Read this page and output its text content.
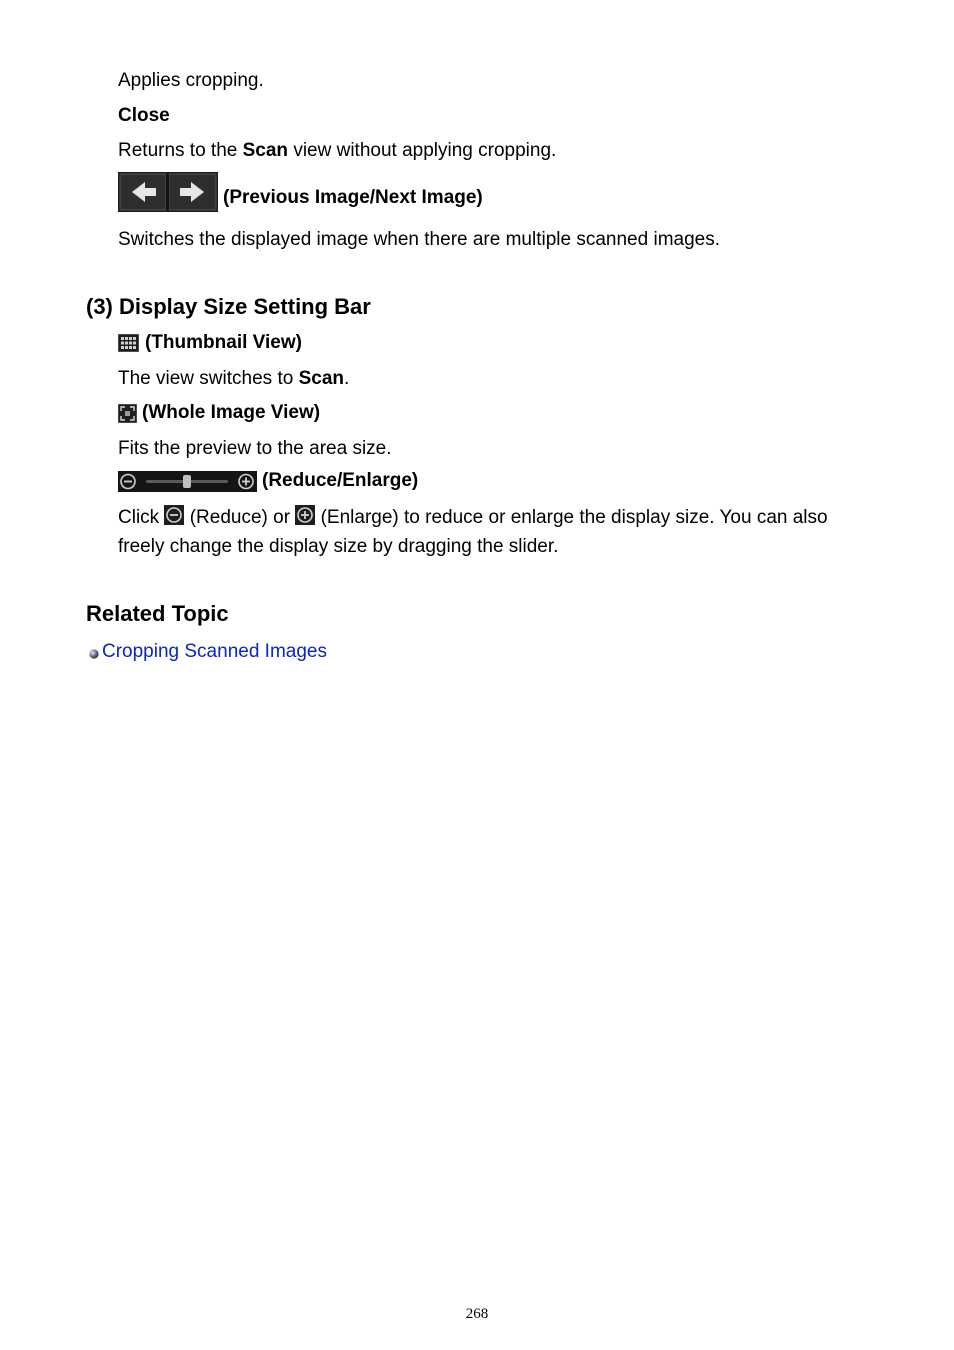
Applies cropping.
Close
Returns to the Scan view without applying cropping.
(Previous Image/Next Image)
Switches the displayed image when there are multiple scanned images.
(3) Display Size Setting Bar
(Thumbnail View)
The view switches to Scan.
(Whole Image View)
Fits the preview to the area size.
(Reduce/Enlarge)
Click  (Reduce) or  (Enlarge) to reduce or enlarge the display size. You can also
freely change the display size by dragging the slider.
Related Topic
Cropping Scanned Images
268
